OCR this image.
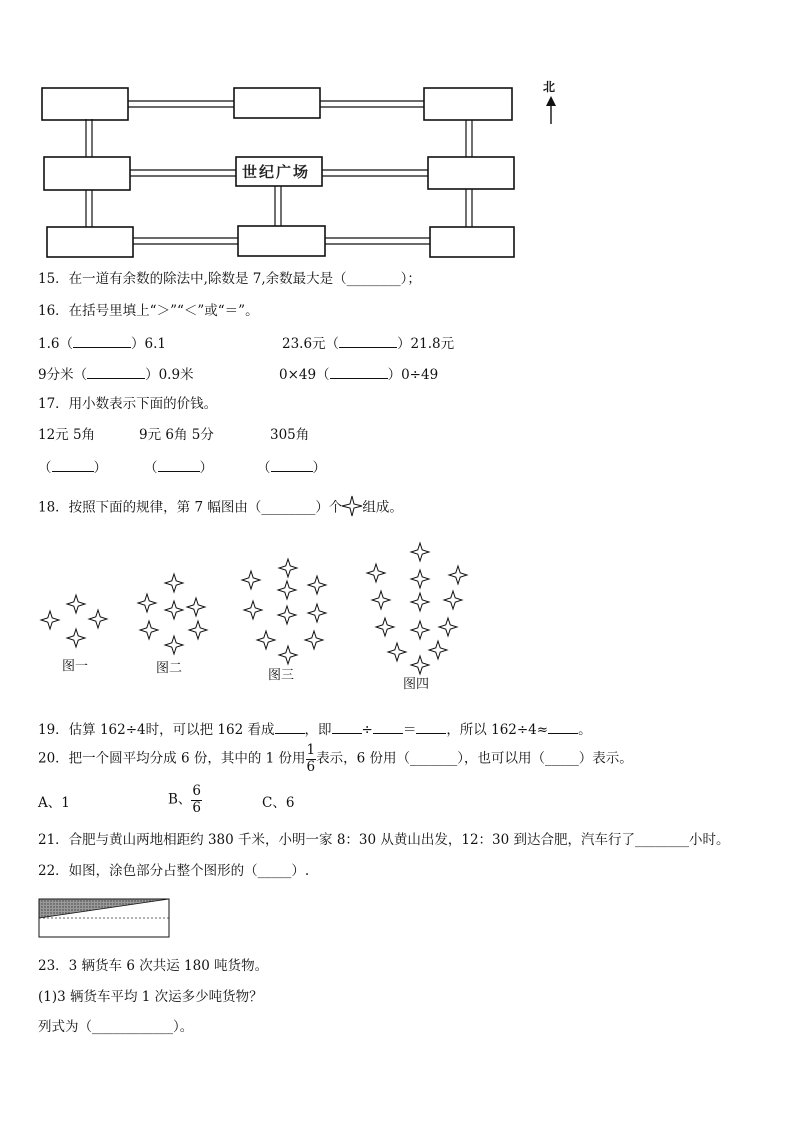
北
世纪广场
15．在一道有余数的除法中,除数是 7,余数最大是（________）；
16．在括号里填上“＞”“＜”或“＝”。
1.6（	）6.1	23.6元（	）21.8元
9分米（	）0.9米	0×49（	）0÷49
17．用小数表示下面的价钱。
12元 5角	9元 6角 5分	305角
（	）	（	）	（	）
18．按照下面的规律，第 7 幅图由（________）个 组成。
图一	图二	图三
图四
19．估算 162÷4时，可以把 162 看成 ，即 ÷ ＝ ，所以 162÷4≈ 。
20．把一个圆平均分成 6 份，其中的 1 份用 $\frac{1}{6}$ 表示，6 份用（_______），也可以用（_____）表示。
A、1	B、 $\frac{6}{6}$	C、6
21．合肥与黄山两地相距约 380 千米，小明一家 8：30 从黄山出发，12：30 到达合肥，汽车行了________小时。
22．如图，涂色部分占整个图形的（_____）.
23．3 辆货车 6 次共运 180 吨货物。
(1)3 辆货车平均 1 次运多少吨货物？
列式为（____________）。
